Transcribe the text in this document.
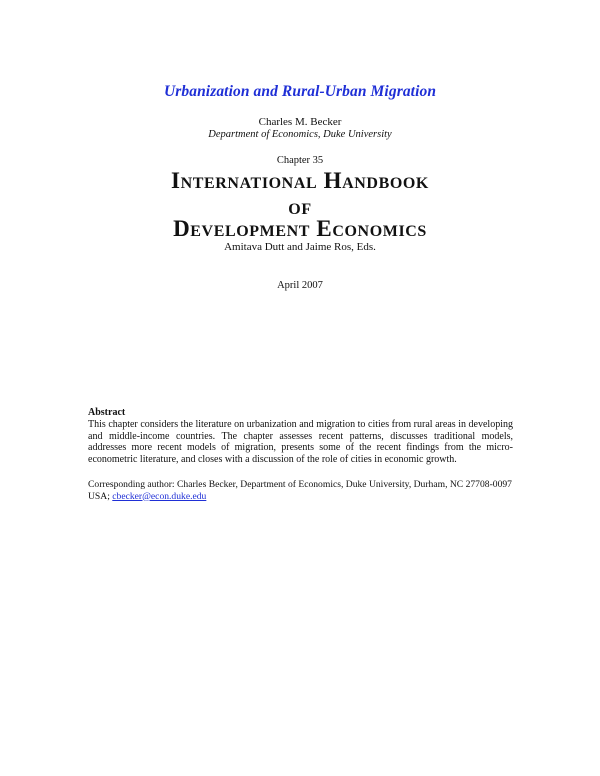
Urbanization and Rural-Urban Migration
Charles M. Becker
Department of Economics, Duke University
Chapter 35
International Handbook
of
Development Economics
Amitava Dutt and Jaime Ros, Eds.
April 2007
Abstract
This chapter considers the literature on urbanization and migration to cities from rural areas in developing and middle-income countries. The chapter assesses recent patterns, discusses traditional models, addresses more recent models of migration, presents some of the recent findings from the micro-econometric literature, and closes with a discussion of the role of cities in economic growth.
Corresponding author: Charles Becker, Department of Economics, Duke University, Durham, NC 27708-0097
USA; cbecker@econ.duke.edu
